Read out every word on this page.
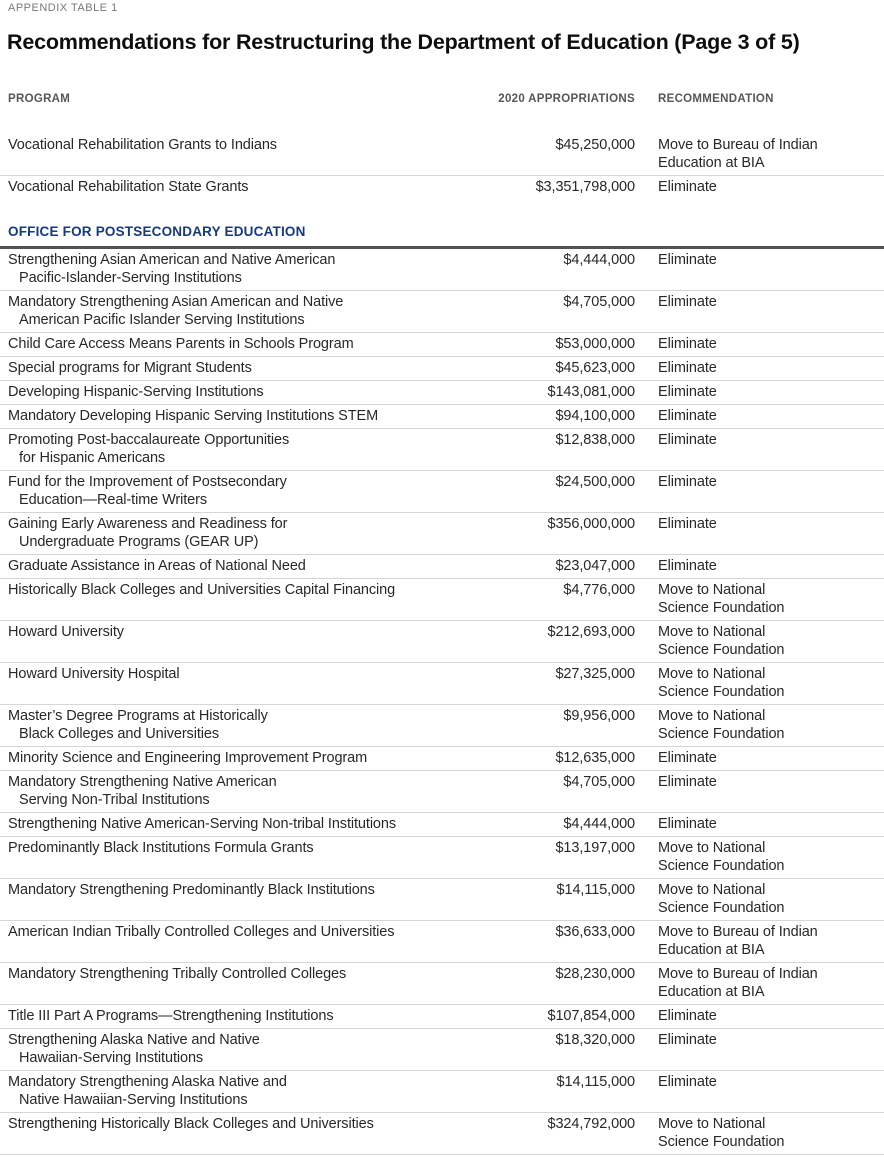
APPENDIX TABLE 1
Recommendations for Restructuring the Department of Education (Page 3 of 5)
PROGRAM	2020 APPROPRIATIONS	RECOMMENDATION
Vocational Rehabilitation Grants to Indians	$45,250,000	Move to Bureau of Indian
Education at BIA
Vocational Rehabilitation State Grants	$3,351,798,000	Eliminate
OFFICE FOR POSTSECONDARY EDUCATION
Strengthening Asian American and Native American
Pacific-Islander-Serving Institutions
$4,444,000	Eliminate
Mandatory Strengthening Asian American and Native
American Pacific Islander Serving Institutions
$4,705,000	Eliminate
Child Care Access Means Parents in Schools Program	$53,000,000	Eliminate
Special programs for Migrant Students	$45,623,000	Eliminate
Developing Hispanic-Serving Institutions	$143,081,000	Eliminate
Mandatory Developing Hispanic Serving Institutions STEM	$94,100,000	Eliminate
Promoting Post-baccalaureate Opportunities
for Hispanic Americans
$12,838,000	Eliminate
Fund for the Improvement of Postsecondary
Education—Real-time Writers
$24,500,000	Eliminate
Gaining Early Awareness and Readiness for
Undergraduate Programs (GEAR UP)
$356,000,000	Eliminate
Graduate Assistance in Areas of National Need	$23,047,000	Eliminate
Historically Black Colleges and Universities Capital Financing	$4,776,000	Move to National
Science Foundation
Howard University	$212,693,000	Move to National
Science Foundation
Howard University Hospital	$27,325,000	Move to National
Science Foundation
Master’s Degree Programs at Historically
Black Colleges and Universities
$9,956,000	Move to National
Science Foundation
Minority Science and Engineering Improvement Program	$12,635,000	Eliminate
Mandatory Strengthening Native American
Serving Non-Tribal Institutions
$4,705,000	Eliminate
Strengthening Native American-Serving Non-tribal Institutions	$4,444,000	Eliminate
Predominantly Black Institutions Formula Grants	$13,197,000	Move to National
Science Foundation
Mandatory Strengthening Predominantly Black Institutions	$14,115,000	Move to National
Science Foundation
American Indian Tribally Controlled Colleges and Universities	$36,633,000	Move to Bureau of Indian
Education at BIA
Mandatory Strengthening Tribally Controlled Colleges	$28,230,000	Move to Bureau of Indian
Education at BIA
Title III Part A Programs—Strengthening Institutions	$107,854,000	Eliminate
Strengthening Alaska Native and Native
Hawaiian-Serving Institutions
$18,320,000	Eliminate
Mandatory Strengthening Alaska Native and
Native Hawaiian-Serving Institutions
$14,115,000	Eliminate
Strengthening Historically Black Colleges and Universities	$324,792,000	Move to National
Science Foundation
